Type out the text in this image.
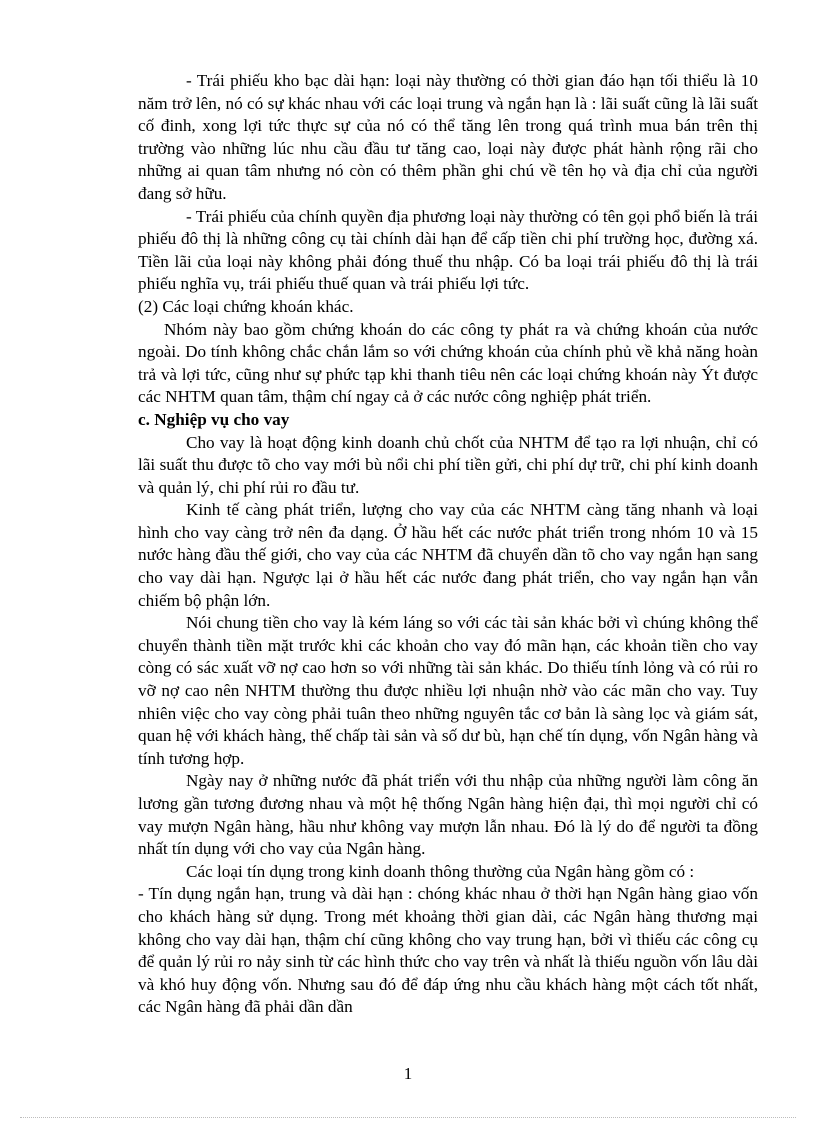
- Trái phiếu kho bạc dài hạn: loại này thường có thời gian đáo hạn tối thiểu là 10 năm trở lên, nó có sự khác nhau với các loại trung và ngắn hạn là : lãi suất cũng là lãi suất cố đinh, xong lợi tức thực sự của nó có thể tăng lên trong quá trình mua bán trên thị trường vào những lúc nhu cầu đầu tư tăng cao, loại này được phát hành rộng rãi cho những ai quan tâm nhưng nó còn có thêm phần ghi chú về tên họ và địa chỉ của người đang sở hữu.

- Trái phiếu của chính quyền địa phương loại này thường có tên gọi phổ biến là trái phiếu đô thị là những công cụ tài chính dài hạn để cấp tiền chi phí trường học, đường xá. Tiền lãi của loại này không phải đóng thuế thu nhập. Có ba loại trái phiếu đô thị là trái phiếu nghĩa vụ, trái phiếu thuế quan và trái phiếu lợi tức.

(2) Các loại chứng khoán khác.

Nhóm này bao gồm chứng khoán do các công ty phát ra và chứng khoán của nước ngoài. Do tính không chắc chắn lắm so với chứng khoán của chính phủ về khả năng hoàn trả và lợi tức, cũng như sự phức tạp khi thanh tiêu nên các loại chứng khoán này Ýt được các NHTM quan tâm, thậm chí ngay cả ở các nước công nghiệp phát triển.

c. Nghiệp vụ cho vay

Cho vay là hoạt động kinh doanh chủ chốt của NHTM để tạo ra lợi nhuận, chỉ có lãi suất thu được tõ cho vay mới bù nổi chi phí tiền gửi, chi phí dự trữ, chi phí kinh doanh và quản lý, chi phí rủi ro đầu tư.

Kinh tế càng phát triển, lượng cho vay của các NHTM càng tăng nhanh và loại hình cho vay càng trở nên đa dạng. Ở hầu hết các nước phát triển trong nhóm 10 và 15 nước hàng đầu thế giới, cho vay của các NHTM đã chuyển dần tõ cho vay ngắn hạn sang cho vay dài hạn. Ngược lại ở hầu hết các nước đang phát triển, cho vay ngắn hạn vẫn chiếm bộ phận lớn.

Nói chung tiền cho vay là kém láng so với các tài sản khác bởi vì chúng không thể chuyển thành tiền mặt trước khi các khoản cho vay đó mãn hạn, các khoản tiền cho vay còng có sác xuất vỡ nợ cao hơn so với những tài sản khác. Do thiếu tính lỏng và có rủi ro vỡ nợ cao nên NHTM thường thu được nhiều lợi nhuận nhờ vào các mãn cho vay. Tuy nhiên việc cho vay còng phải tuân theo những nguyên tắc cơ bản là sàng lọc và giám sát, quan hệ với khách hàng, thế chấp tài sản và số dư bù, hạn chế tín dụng, vốn Ngân hàng và tính tương hợp.

Ngày nay ở những nước đã phát triển với thu nhập của những người làm công ăn lương gần tương đương nhau và một hệ thống Ngân hàng hiện đại, thì mọi người chỉ có vay mượn Ngân hàng, hầu như không vay mượn lẫn nhau. Đó là lý do để người ta đồng nhất tín dụng với cho vay của Ngân hàng.

Các loại tín dụng trong kinh doanh thông thường của Ngân hàng gồm có :

- Tín dụng ngắn hạn, trung và dài hạn : chóng khác nhau ở thời hạn Ngân hàng giao vốn cho khách hàng sử dụng. Trong mét khoảng thời gian dài, các Ngân hàng thương mại không cho vay dài hạn, thậm chí cũng không cho vay trung hạn, bởi vì thiếu các công cụ để quản lý rủi ro nảy sinh từ các hình thức cho vay trên và nhất là thiếu nguồn vốn lâu dài và khó huy động vốn. Nhưng sau đó để đáp ứng nhu cầu khách hàng một cách tốt nhất, các Ngân hàng đã phải dần dần

1
